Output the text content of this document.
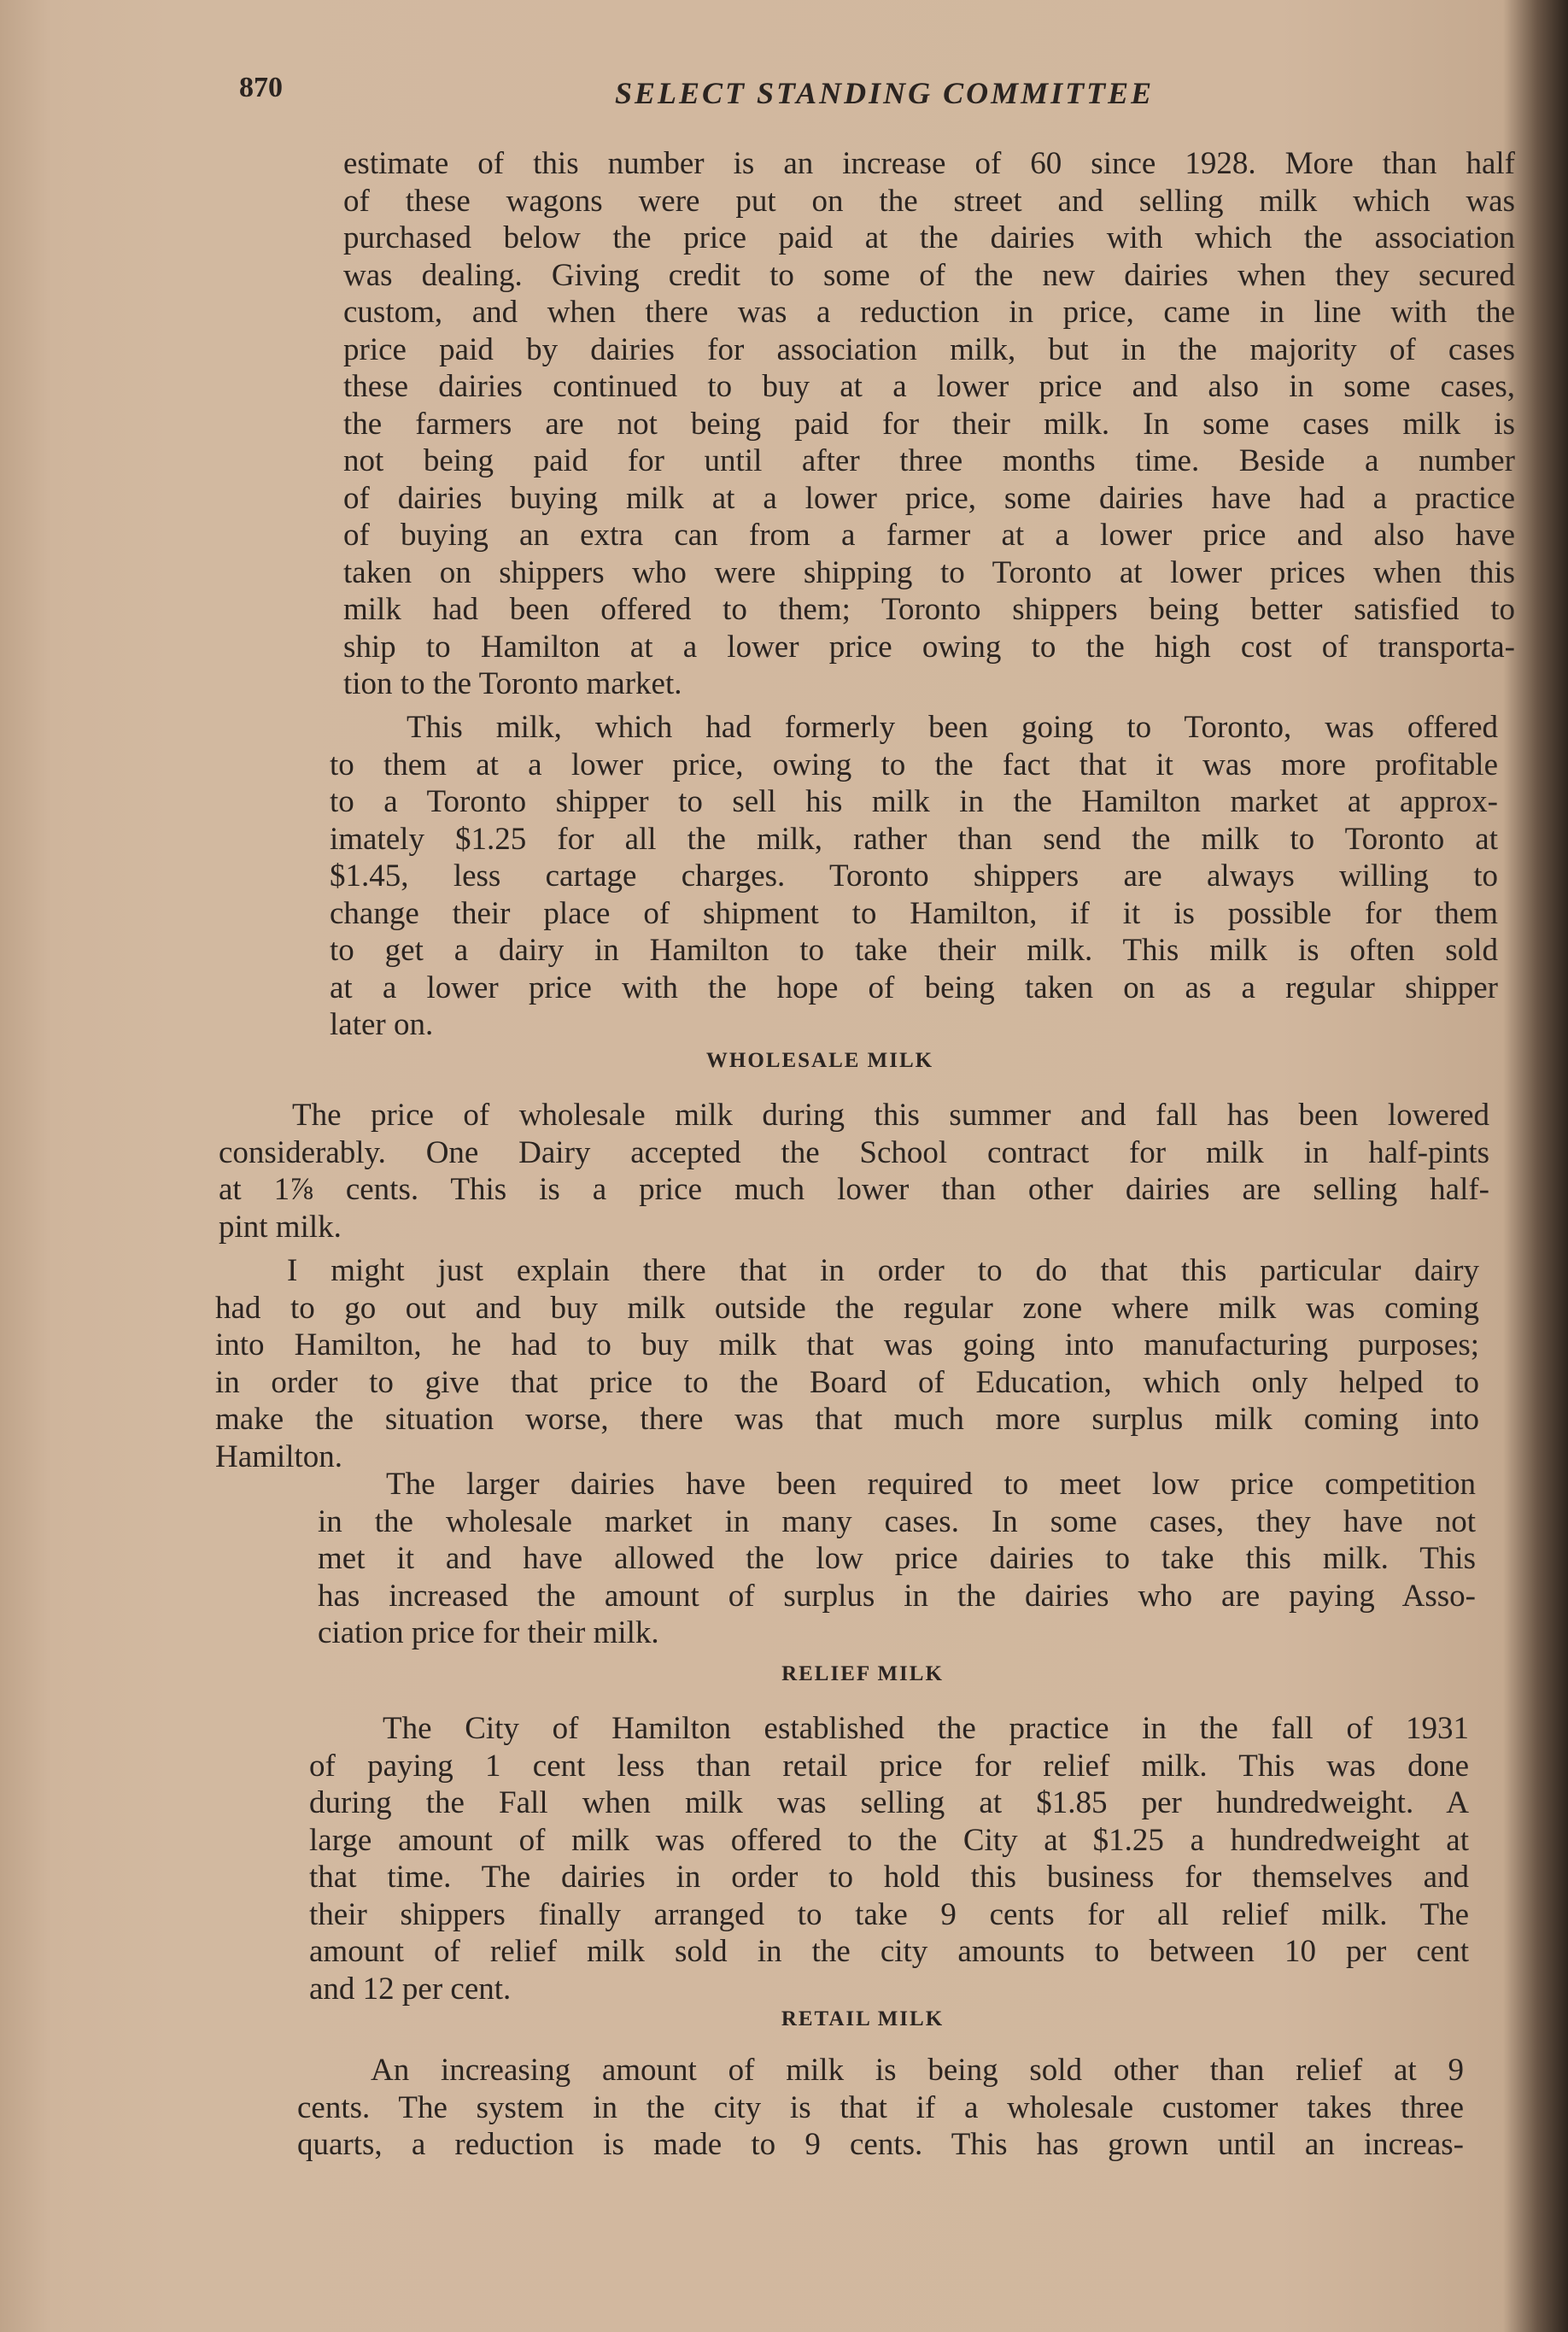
870	SELECT STANDING COMMITTEE
estimate of this number is an increase of 60 since 1928. More than half
of these wagons were put on the street and selling milk which was
purchased below the price paid at the dairies with which the association
was dealing. Giving credit to some of the new dairies when they secured
custom, and when there was a reduction in price, came in line with the
price paid by dairies for association milk, but in the majority of cases
these dairies continued to buy at a lower price and also in some cases,
the farmers are not being paid for their milk. In some cases milk is
not being paid for until after three months time. Beside a number
of dairies buying milk at a lower price, some dairies have had a practice
of buying an extra can from a farmer at a lower price and also have
taken on shippers who were shipping to Toronto at lower prices when this
milk had been offered to them; Toronto shippers being better satisfied to
ship to Hamilton at a lower price owing to the high cost of transporta-
tion to the Toronto market.
This milk, which had formerly been going to Toronto, was offered
to them at a lower price, owing to the fact that it was more profitable
to a Toronto shipper to sell his milk in the Hamilton market at approx-
imately $1.25 for all the milk, rather than send the milk to Toronto at
$1.45, less cartage charges. Toronto shippers are always willing to
change their place of shipment to Hamilton, if it is possible for them
to get a dairy in Hamilton to take their milk. This milk is often sold
at a lower price with the hope of being taken on as a regular shipper
later on.
WHOLESALE MILK
The price of wholesale milk during this summer and fall has been lowered
considerably. One Dairy accepted the School contract for milk in half-pints
at 1⅞ cents. This is a price much lower than other dairies are selling half-
pint milk.
I might just explain there that in order to do that this particular dairy
had to go out and buy milk outside the regular zone where milk was coming
into Hamilton, he had to buy milk that was going into manufacturing purposes;
in order to give that price to the Board of Education, which only helped to
make the situation worse, there was that much more surplus milk coming into
Hamilton.
The larger dairies have been required to meet low price competition
in the wholesale market in many cases. In some cases, they have not
met it and have allowed the low price dairies to take this milk. This
has increased the amount of surplus in the dairies who are paying Asso-
ciation price for their milk.
RELIEF MILK
The City of Hamilton established the practice in the fall of 1931
of paying 1 cent less than retail price for relief milk. This was done
during the Fall when milk was selling at $1.85 per hundredweight. A
large amount of milk was offered to the City at $1.25 a hundredweight at
that time. The dairies in order to hold this business for themselves and
their shippers finally arranged to take 9 cents for all relief milk. The
amount of relief milk sold in the city amounts to between 10 per cent
and 12 per cent.
RETAIL MILK
An increasing amount of milk is being sold other than relief at 9
cents. The system in the city is that if a wholesale customer takes three
quarts, a reduction is made to 9 cents. This has grown until an increas-
